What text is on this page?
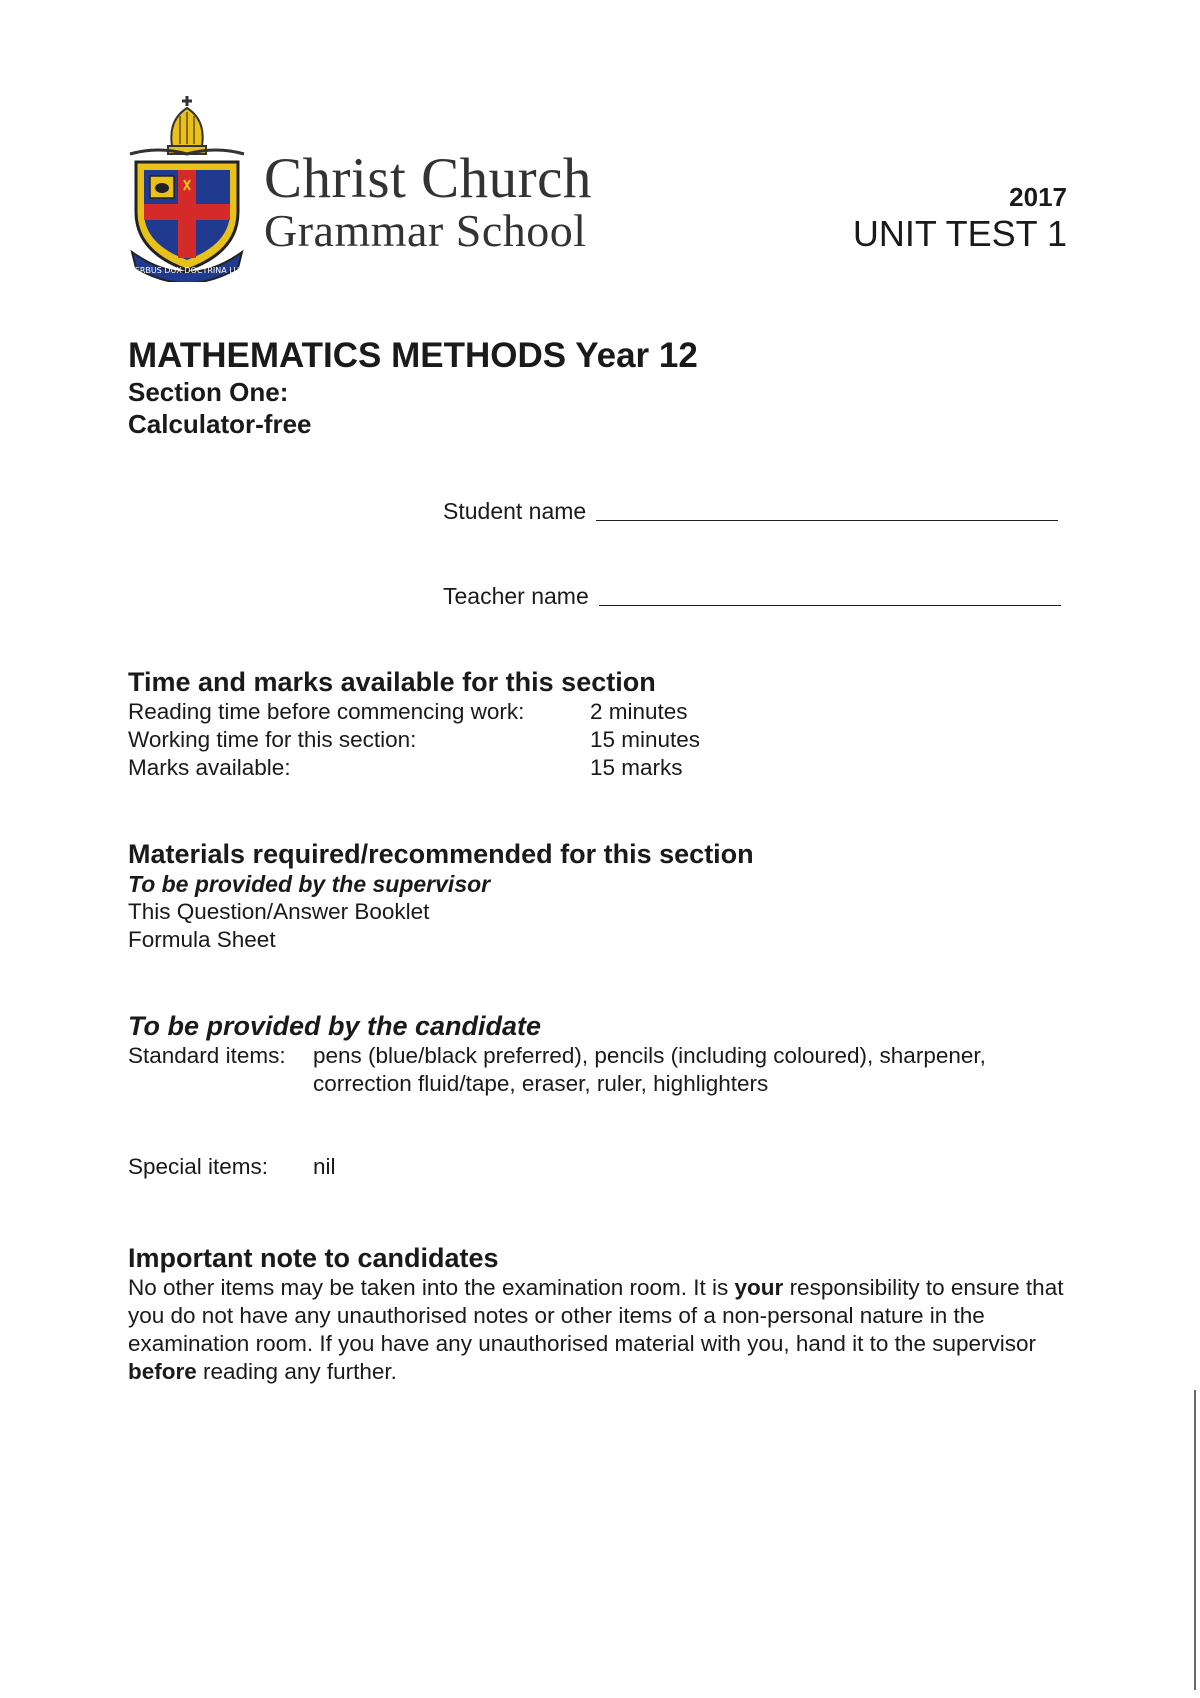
VERBUS DUX DOCTRINA LUX
Christ Church
Grammar School
2017
UNIT TEST 1
MATHEMATICS METHODS Year 12
Section One:
Calculator-free
Student name
Teacher name
Time and marks available for this section
Reading time before commencing work:	2 minutes
Working time for this section:	15 minutes
Marks available:	15 marks
Materials required/recommended for this section
To be provided by the supervisor
This Question/Answer Booklet
Formula Sheet
To be provided by the candidate
Standard items:	pens (blue/black preferred), pencils (including coloured), sharpener, correction fluid/tape, eraser, ruler, highlighters
Special items:	nil
Important note to candidates
No other items may be taken into the examination room. It is your responsibility to ensure that you do not have any unauthorised notes or other items of a non-personal nature in the examination room. If you have any unauthorised material with you, hand it to the supervisor before reading any further.
